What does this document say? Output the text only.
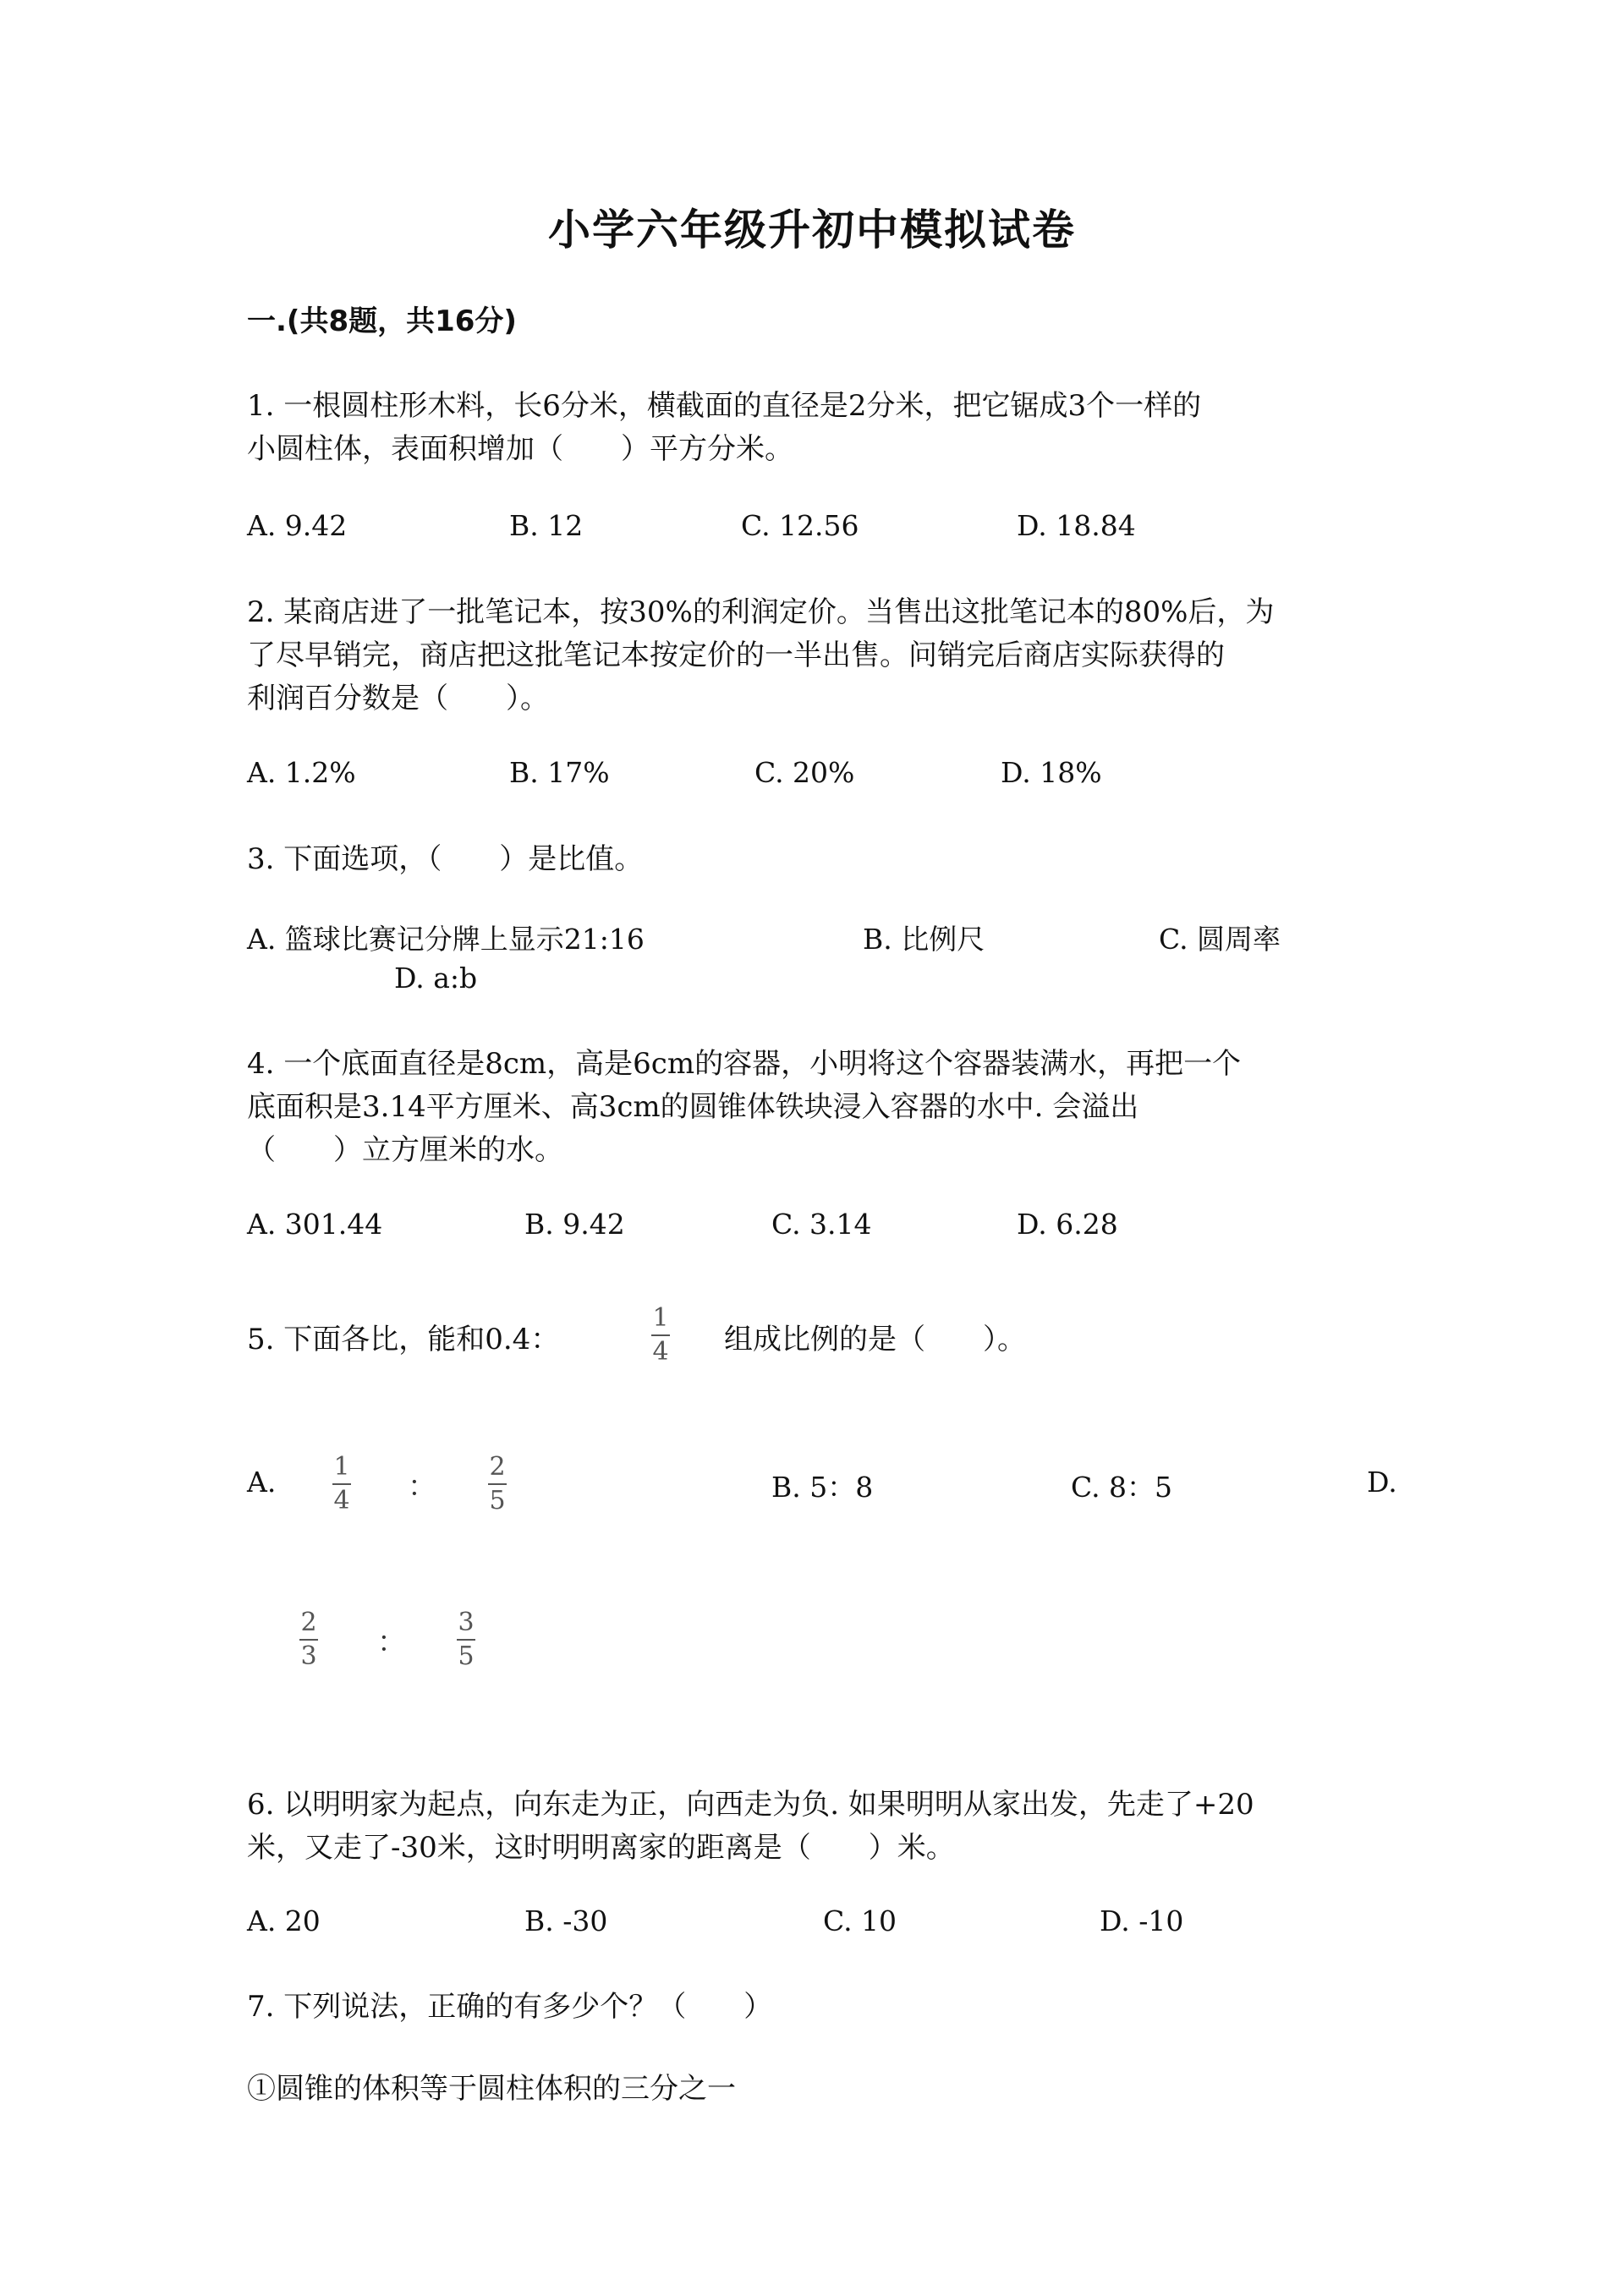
小学六年级升初中模拟试卷
一.(共8题，共16分)
1. 一根圆柱形木料，长6分米，横截面的直径是2分米，把它锯成3个一样的
小圆柱体，表面积增加（　　）平方分米。
A. 9.42	B. 12	C. 12.56	D. 18.84
2. 某商店进了一批笔记本，按30%的利润定价。当售出这批笔记本的80%后，为
了尽早销完，商店把这批笔记本按定价的一半出售。问销完后商店实际获得的
利润百分数是（　　）。
A. 1.2%	B. 17%	C. 20%	D. 18%
3. 下面选项，（　　）是比值。
A. 篮球比赛记分牌上显示21:16	B. 比例尺	C. 圆周率
D. a:b
4. 一个底面直径是8cm，高是6cm的容器，小明将这个容器装满水，再把一个
底面积是3.14平方厘米、高3cm的圆锥体铁块浸入容器的水中. 会溢出
（　　）立方厘米的水。
A. 301.44	B. 9.42	C. 3.14	D. 6.28
5. 下面各比，能和0.4：
1
4 组成比例的是（　　）。
A. 1
4 ：
2
5	B. 5：8	C. 8：5	D.
2
3 ：
3
5
6. 以明明家为起点，向东走为正，向西走为负. 如果明明从家出发，先走了+20
米，又走了-30米，这时明明离家的距离是（　　）米。
A. 20	B. -30	C. 10	D. -10
7. 下列说法，正确的有多少个？（　　）
①圆锥的体积等于圆柱体积的三分之一
